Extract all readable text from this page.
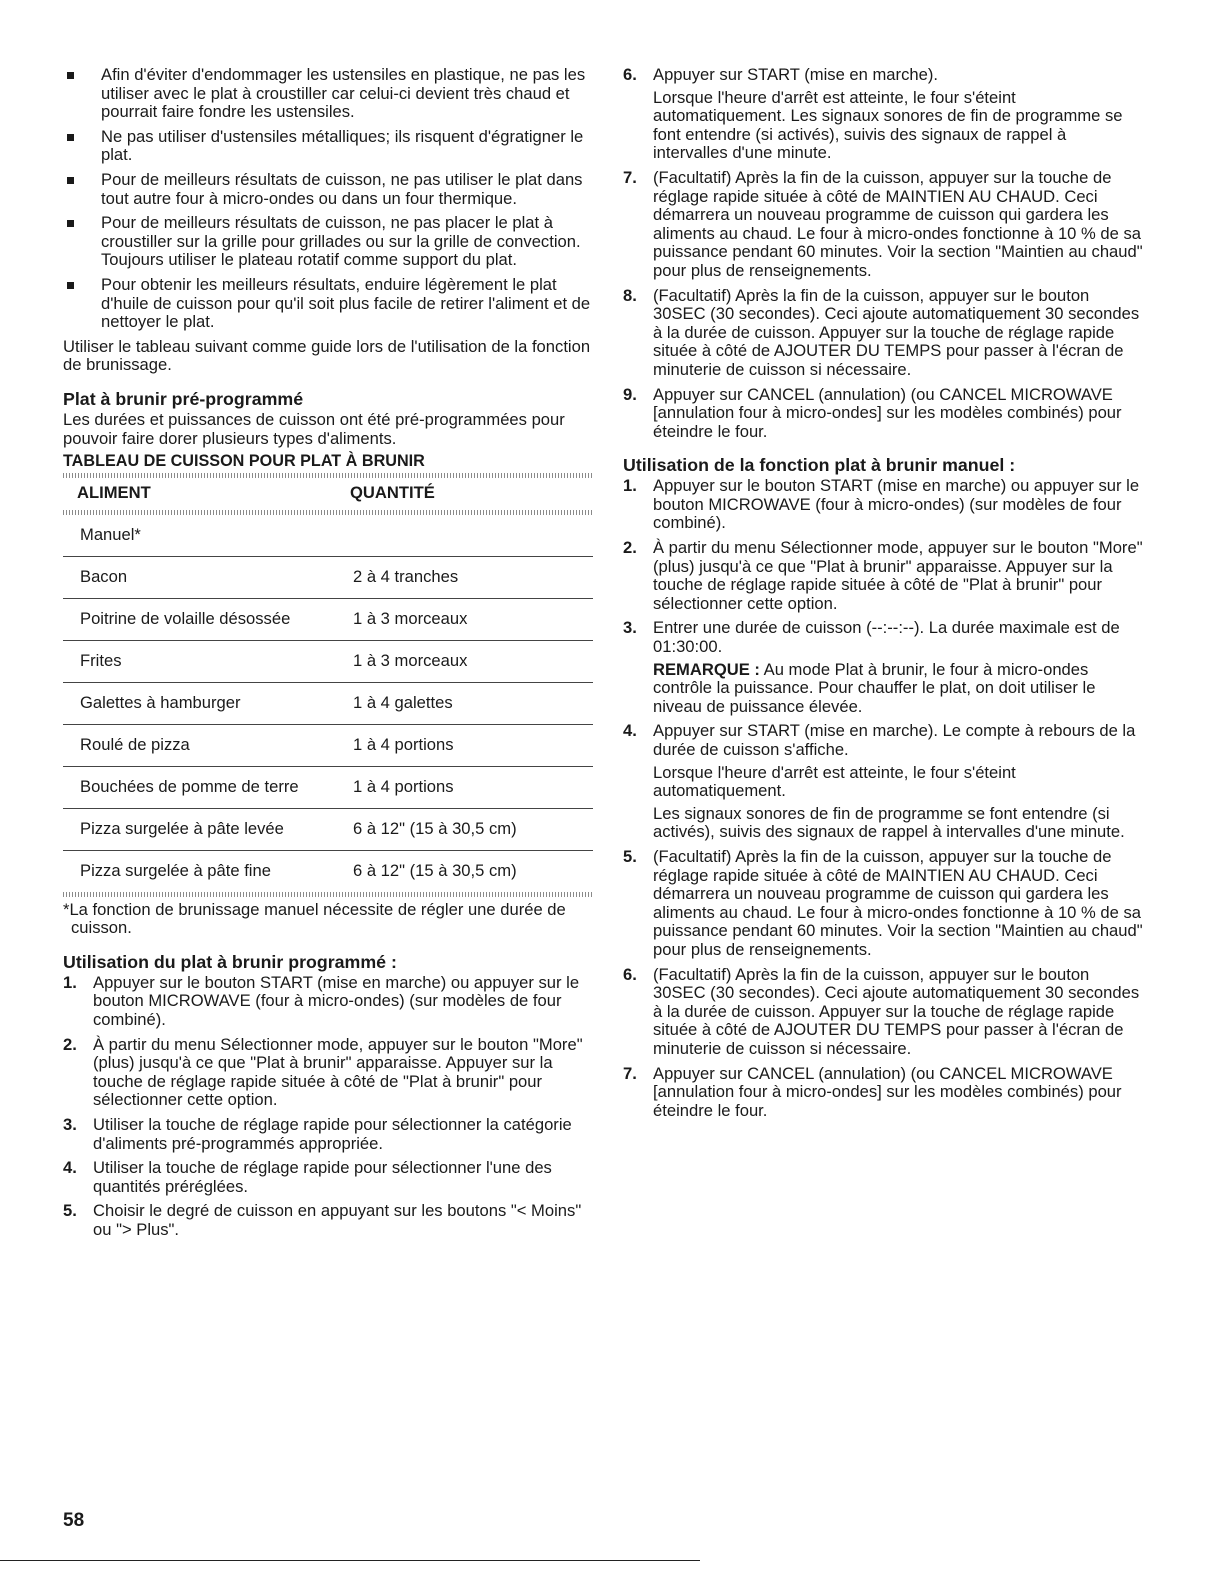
Afin d'éviter d'endommager les ustensiles en plastique, ne pas les utiliser avec le plat à croustiller car celui-ci devient très chaud et pourrait faire fondre les ustensiles.
Ne pas utiliser d'ustensiles métalliques; ils risquent d'égratigner le plat.
Pour de meilleurs résultats de cuisson, ne pas utiliser le plat dans tout autre four à micro-ondes ou dans un four thermique.
Pour de meilleurs résultats de cuisson, ne pas placer le plat à croustiller sur la grille pour grillades ou sur la grille de convection. Toujours utiliser le plateau rotatif comme support du plat.
Pour obtenir les meilleurs résultats, enduire légèrement le plat d'huile de cuisson pour qu'il soit plus facile de retirer l'aliment et de nettoyer le plat.

Utiliser le tableau suivant comme guide lors de l'utilisation de la fonction de brunissage.

Plat à brunir pré-programmé

Les durées et puissances de cuisson ont été pré-programmées pour pouvoir faire dorer plusieurs types d'aliments.

TABLEAU DE CUISSON POUR PLAT À BRUNIR
ALIMENT	QUANTITÉ
Manuel*
Bacon	2 à 4 tranches
Poitrine de volaille désossée	1 à 3 morceaux
Frites	1 à 3 morceaux
Galettes à hamburger	1 à 4 galettes
Roulé de pizza	1 à 4 portions
Bouchées de pomme de terre	1 à 4 portions
Pizza surgelée à pâte levée	6 à 12" (15 à 30,5 cm)
Pizza surgelée à pâte fine	6 à 12" (15 à 30,5 cm)

*La fonction de brunissage manuel nécessite de régler une durée de cuisson.

Utilisation du plat à brunir programmé :
1. Appuyer sur le bouton START (mise en marche) ou appuyer sur le bouton MICROWAVE (four à micro-ondes) (sur modèles de four combiné).
2. À partir du menu Sélectionner mode, appuyer sur le bouton "More" (plus) jusqu'à ce que "Plat à brunir" apparaisse. Appuyer sur la touche de réglage rapide située à côté de "Plat à brunir" pour sélectionner cette option.
3. Utiliser la touche de réglage rapide pour sélectionner la catégorie d'aliments pré-programmés appropriée.
4. Utiliser la touche de réglage rapide pour sélectionner l'une des quantités préréglées.
5. Choisir le degré de cuisson en appuyant sur les boutons "< Moins" ou "> Plus".
6. Appuyer sur START (mise en marche).

Lorsque l'heure d'arrêt est atteinte, le four s'éteint automatiquement. Les signaux sonores de fin de programme se font entendre (si activés), suivis des signaux de rappel à intervalles d'une minute.

7. (Facultatif) Après la fin de la cuisson, appuyer sur la touche de réglage rapide située à côté de MAINTIEN AU CHAUD. Ceci démarrera un nouveau programme de cuisson qui gardera les aliments au chaud. Le four à micro-ondes fonctionne à 10 % de sa puissance pendant 60 minutes. Voir la section "Maintien au chaud" pour plus de renseignements.
8. (Facultatif) Après la fin de la cuisson, appuyer sur le bouton 30SEC (30 secondes). Ceci ajoute automatiquement 30 secondes à la durée de cuisson. Appuyer sur la touche de réglage rapide située à côté de AJOUTER DU TEMPS pour passer à l'écran de minuterie de cuisson si nécessaire.
9. Appuyer sur CANCEL (annulation) (ou CANCEL MICROWAVE [annulation four à micro-ondes] sur les modèles combinés) pour éteindre le four.
Utilisation de la fonction plat à brunir manuel :
1. Appuyer sur le bouton START (mise en marche) ou appuyer sur le bouton MICROWAVE (four à micro-ondes) (sur modèles de four combiné).
2. À partir du menu Sélectionner mode, appuyer sur le bouton "More" (plus) jusqu'à ce que "Plat à brunir" apparaisse. Appuyer sur la touche de réglage rapide située à côté de "Plat à brunir" pour sélectionner cette option.
3. Entrer une durée de cuisson (--:--:--). La durée maximale est de 01:30:00.

REMARQUE : Au mode Plat à brunir, le four à micro-ondes contrôle la puissance. Pour chauffer le plat, on doit utiliser le niveau de puissance élevée.

4. Appuyer sur START (mise en marche). Le compte à rebours de la durée de cuisson s'affiche.

Lorsque l'heure d'arrêt est atteinte, le four s'éteint automatiquement.

Les signaux sonores de fin de programme se font entendre (si activés), suivis des signaux de rappel à intervalles d'une minute.

5. (Facultatif) Après la fin de la cuisson, appuyer sur la touche de réglage rapide située à côté de MAINTIEN AU CHAUD. Ceci démarrera un nouveau programme de cuisson qui gardera les aliments au chaud. Le four à micro-ondes fonctionne à 10 % de sa puissance pendant 60 minutes. Voir la section "Maintien au chaud" pour plus de renseignements.
6. (Facultatif) Après la fin de la cuisson, appuyer sur le bouton 30SEC (30 secondes). Ceci ajoute automatiquement 30 secondes à la durée de cuisson. Appuyer sur la touche de réglage rapide située à côté de AJOUTER DU TEMPS pour passer à l'écran de minuterie de cuisson si nécessaire.
7. Appuyer sur CANCEL (annulation) (ou CANCEL MICROWAVE [annulation four à micro-ondes] sur les modèles combinés) pour éteindre le four.
58
